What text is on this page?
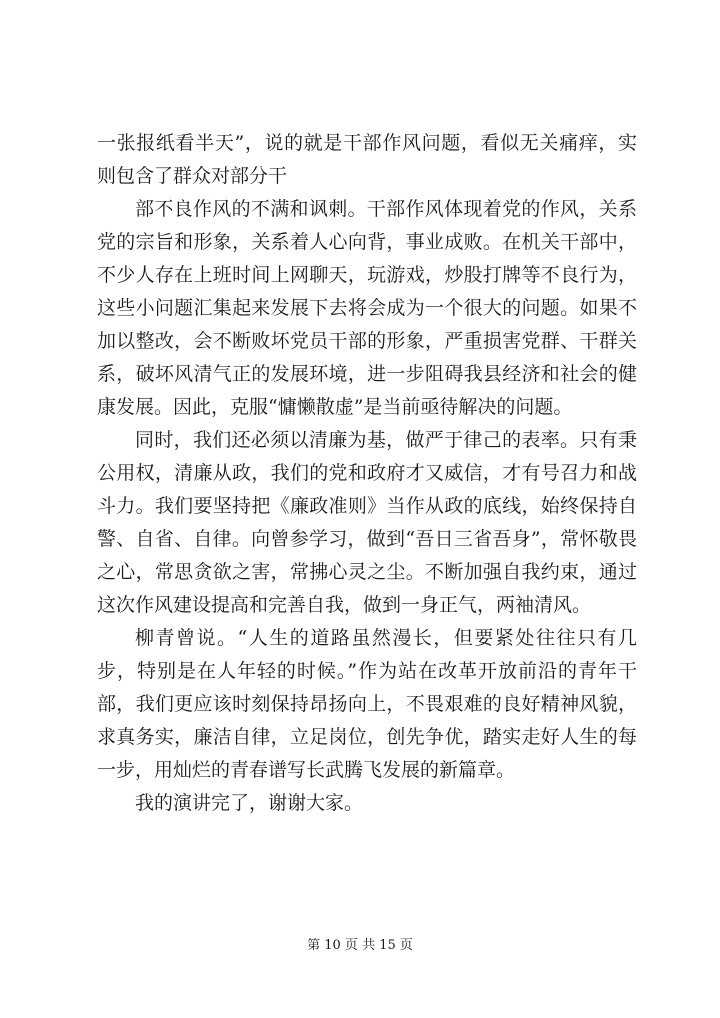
一张报纸看半天”，说的就是干部作风问题，看似无关痛痒，实则包含了群众对部分干

部不良作风的不满和讽刺。干部作风体现着党的作风，关系党的宗旨和形象，关系着人心向背，事业成败。在机关干部中，不少人存在上班时间上网聊天，玩游戏，炒股打牌等不良行为，这些小问题汇集起来发展下去将会成为一个很大的问题。如果不加以整改，会不断败坏党员干部的形象，严重损害党群、干群关系，破坏风清气正的发展环境，进一步阻碍我县经济和社会的健康发展。因此，克服“慵懒散虚”是当前亟待解决的问题。

同时，我们还必须以清廉为基，做严于律己的表率。只有秉公用权，清廉从政，我们的党和政府才又威信，才有号召力和战斗力。我们要坚持把《廉政准则》当作从政的底线，始终保持自警、自省、自律。向曾参学习，做到“吾日三省吾身”，常怀敬畏之心，常思贪欲之害，常拂心灵之尘。不断加强自我约束，通过这次作风建设提高和完善自我，做到一身正气，两袖清风。

柳青曾说。“人生的道路虽然漫长，但要紧处往往只有几步，特别是在人年轻的时候。”作为站在改革开放前沿的青年干部，我们更应该时刻保持昂扬向上，不畏艰难的良好精神风貌，求真务实，廉洁自律，立足岗位，创先争优，踏实走好人生的每一步，用灿烂的青春谱写长武腾飞发展的新篇章。

我的演讲完了，谢谢大家。

第 10 页 共 15 页
